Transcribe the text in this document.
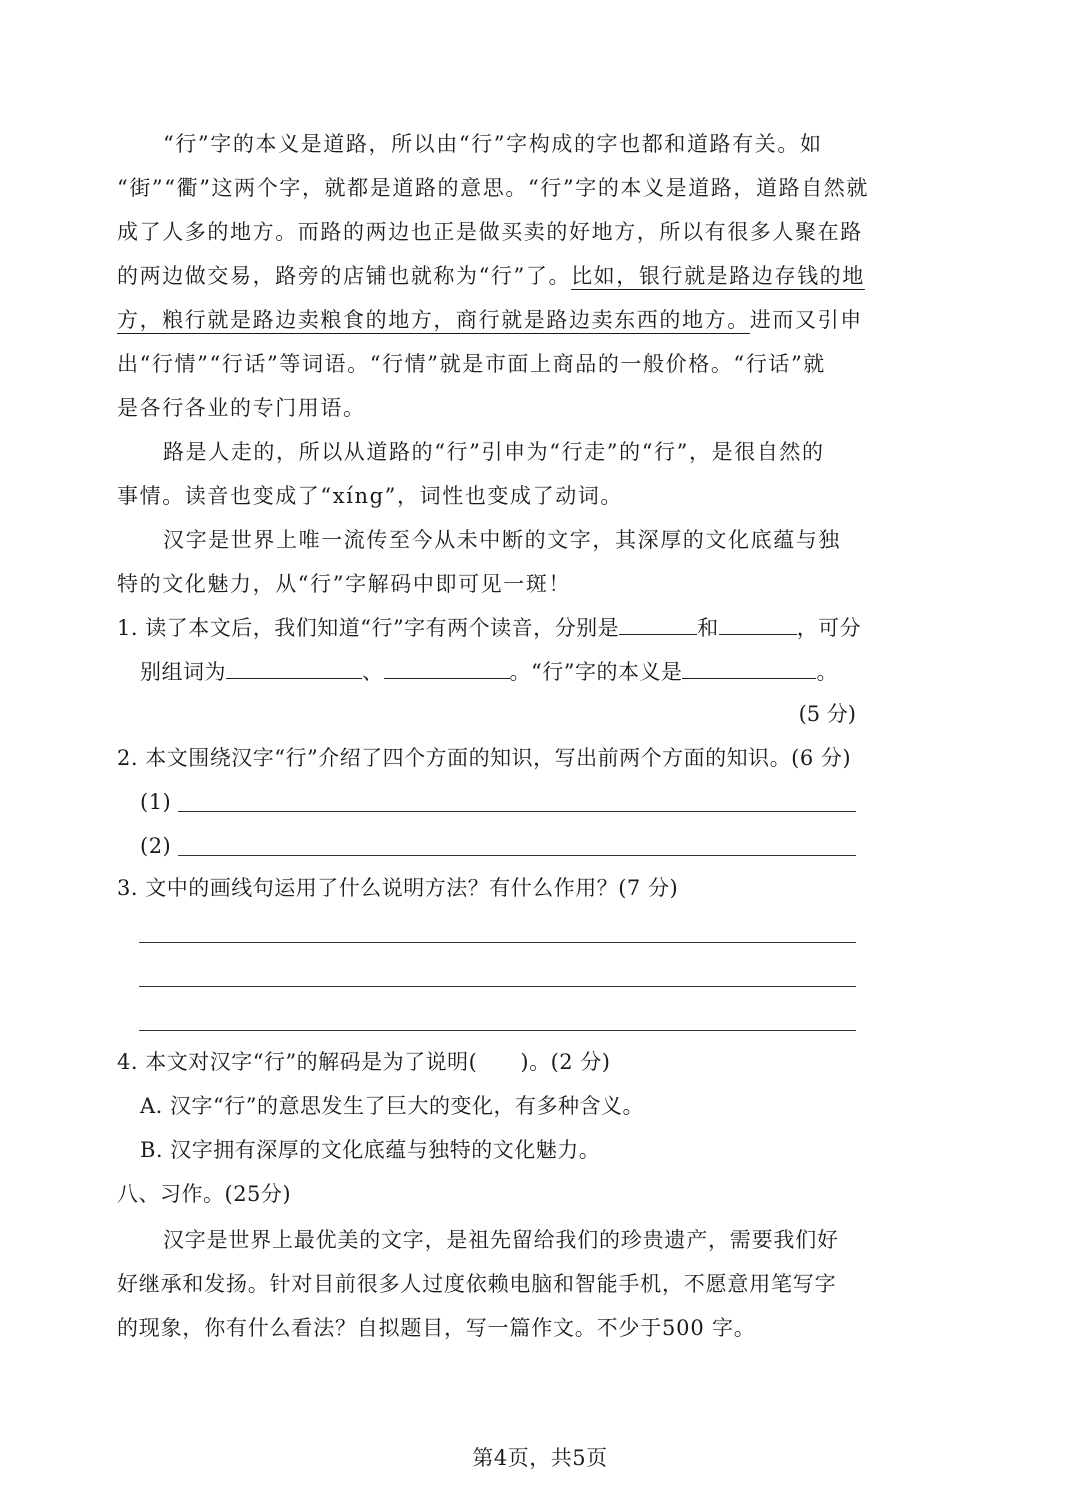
“行”字的本义是道路，所以由“行”字构成的字也都和道路有关。如
“街”“衢”这两个字，就都是道路的意思。“行”字的本义是道路，道路自然就
成了人多的地方。而路的两边也正是做买卖的好地方，所以有很多人聚在路
的两边做交易，路旁的店铺也就称为“行”了。比如，银行就是路边存钱的地
方，粮行就是路边卖粮食的地方，商行就是路边卖东西的地方。进而又引申
出“行情”“行话”等词语。“行情”就是市面上商品的一般价格。“行话”就
是各行各业的专门用语。
路是人走的，所以从道路的“行”引申为“行走”的“行”，是很自然的
事情。读音也变成了“xíng”，词性也变成了动词。
汉字是世界上唯一流传至今从未中断的文字，其深厚的文化底蕴与独
特的文化魅力，从“行”字解码中即可见一斑！
1. 读了本文后，我们知道“行”字有两个读音，分别是	和	，可分
别组词为	、	。“行”字的本义是	。
(5 分)
2. 本文围绕汉字“行”介绍了四个方面的知识，写出前两个方面的知识。(6 分)
(1)
(2)
3. 文中的画线句运用了什么说明方法？有什么作用？(7 分)
4. 本文对汉字“行”的解码是为了说明(　　)。(2 分)
A. 汉字“行”的意思发生了巨大的变化，有多种含义。
B. 汉字拥有深厚的文化底蕴与独特的文化魅力。
八、习作。(25分)
汉字是世界上最优美的文字，是祖先留给我们的珍贵遗产，需要我们好
好继承和发扬。针对目前很多人过度依赖电脑和智能手机，不愿意用笔写字
的现象，你有什么看法？自拟题目，写一篇作文。不少于500 字。
第4页，共5页
